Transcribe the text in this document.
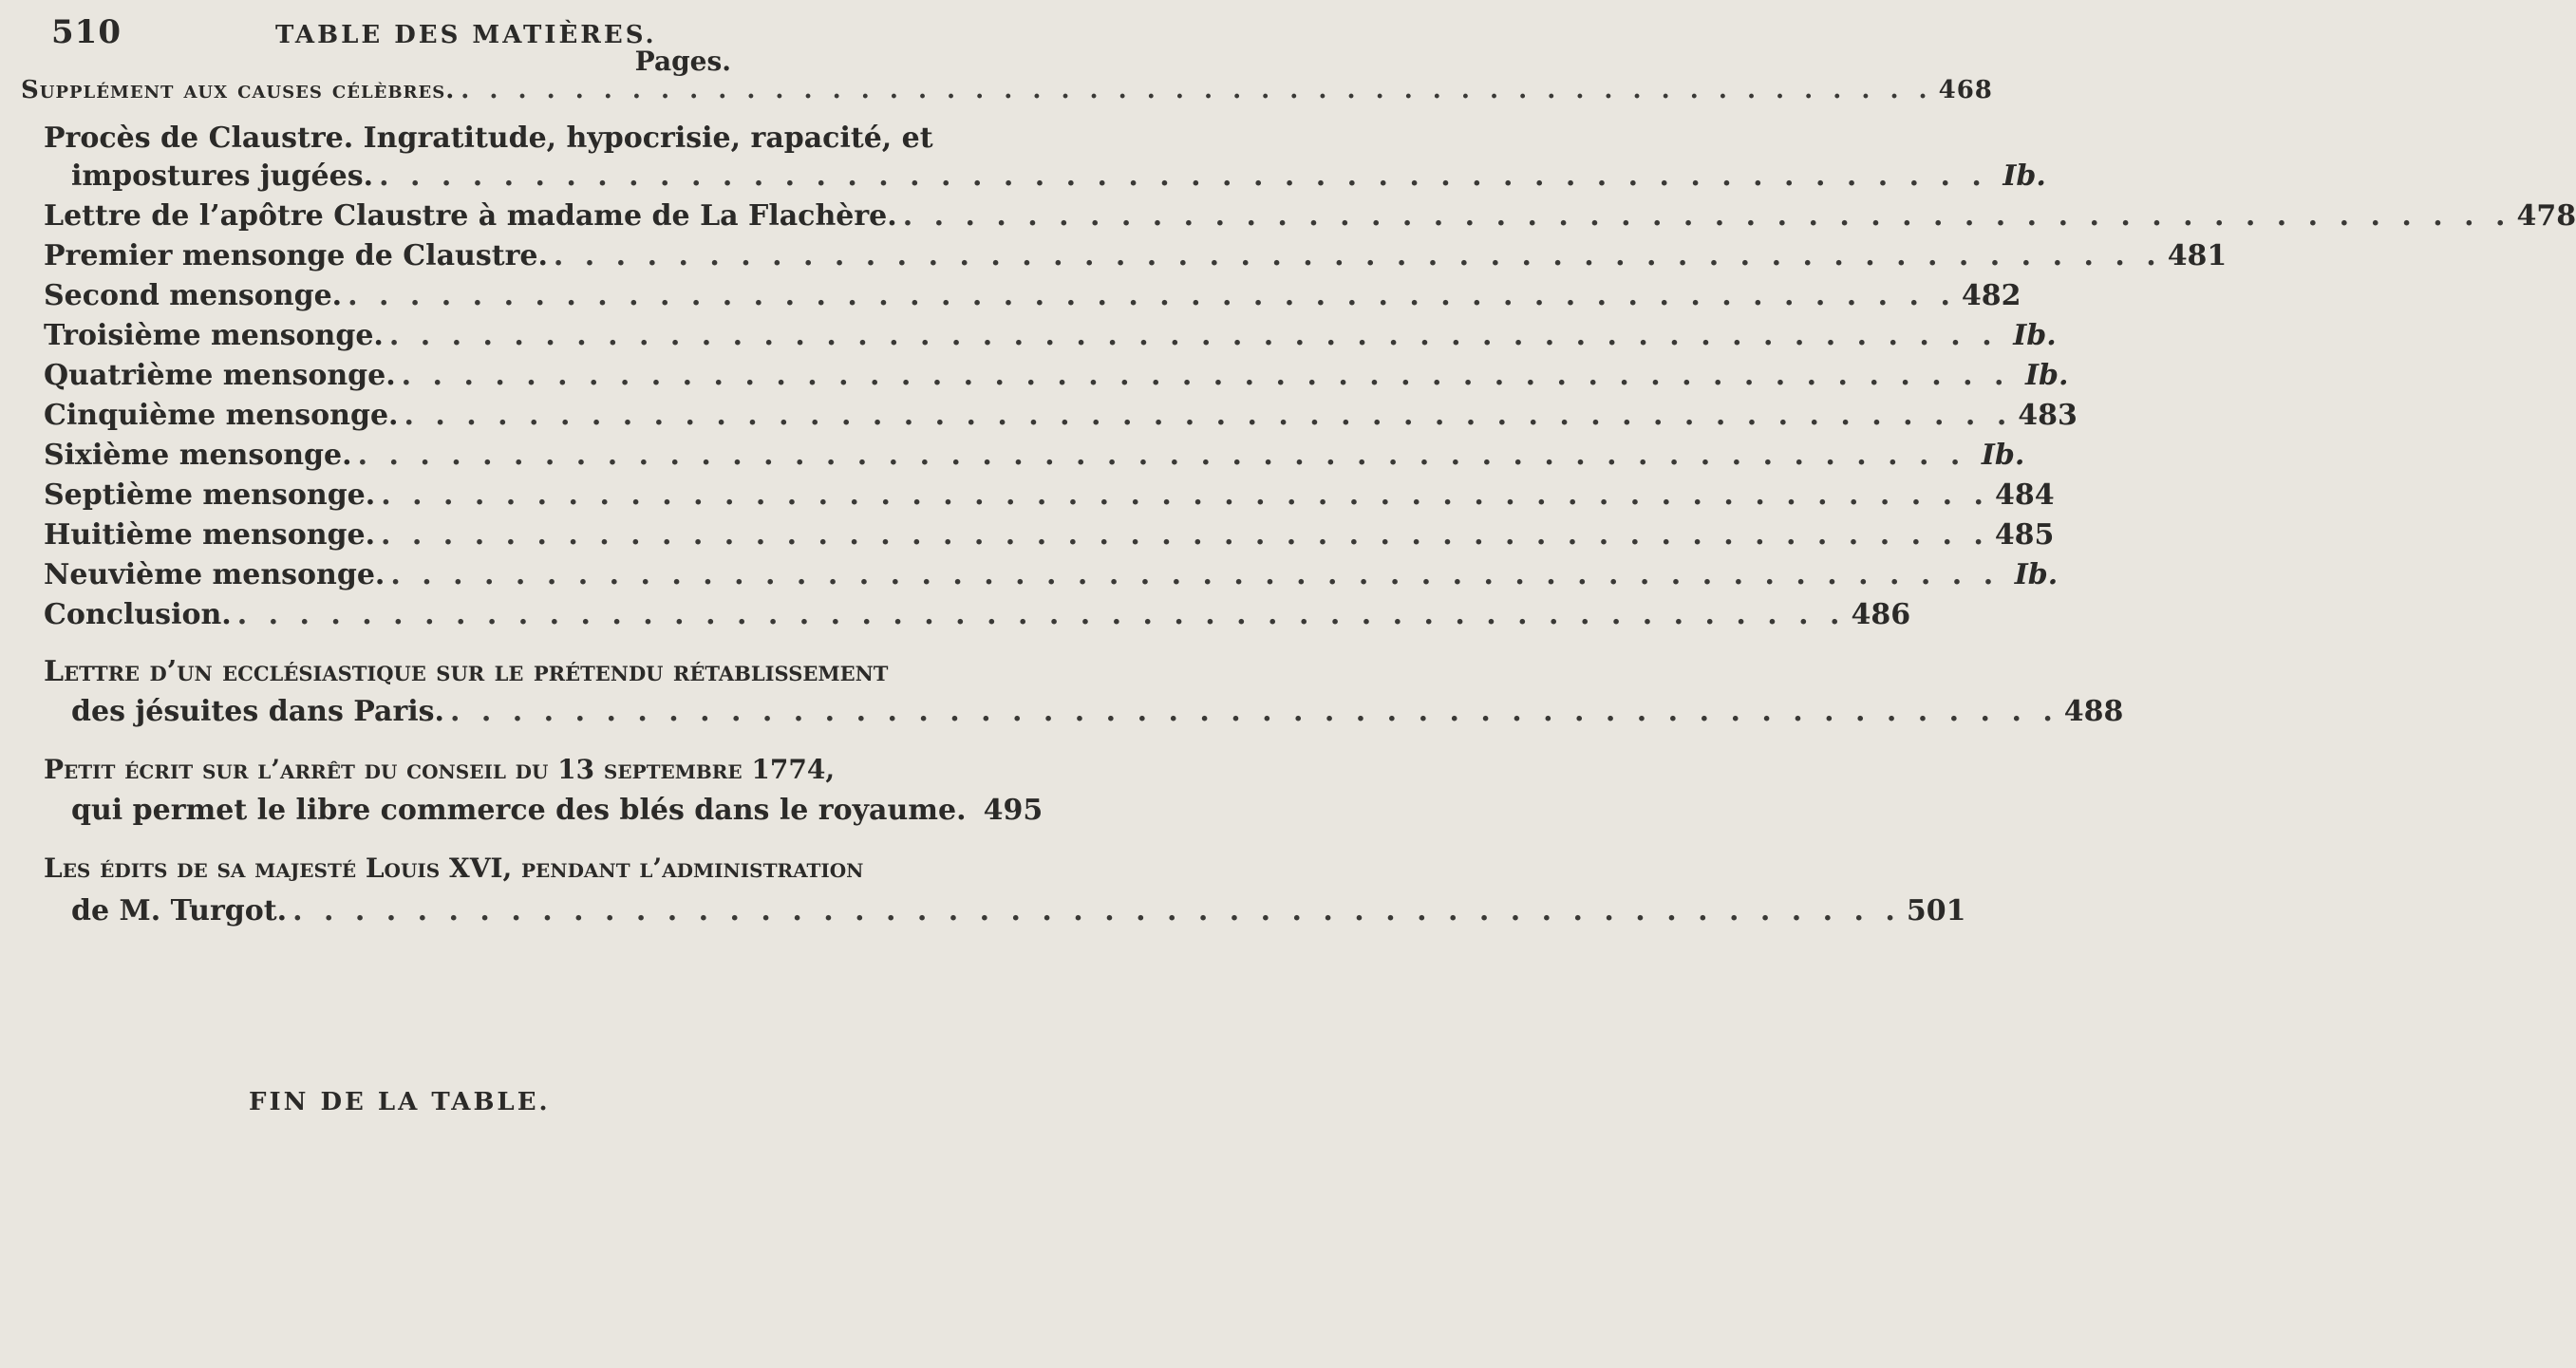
510	TABLE DES MATIÈRES.
Pages.
Supplément aux causes célèbres. . . .	468
Procès de Claustre. Ingratitude, hypocrisie, rapacité, et
impostures jugées. . . .	Ib.
Lettre de l’apôtre Claustre à madame de La Flachère. . . .	478
Premier mensonge de Claustre. . . .	481
Second mensonge. . . .	482
Troisième mensonge. . . .	Ib.
Quatrième mensonge. . . .	Ib.
Cinquième mensonge. . . .	483
Sixième mensonge. . . .	Ib.
Septième mensonge. . . .	484
Huitième mensonge. . . .	485
Neuvième mensonge. . . .	Ib.
Conclusion. . . .	486
Lettre d’un ecclésiastique sur le prétendu rétablissement
des jésuites dans Paris. . . .	488
Petit écrit sur l’arrêt du conseil du 13 septembre 1774,
qui permet le libre commerce des blés dans le royaume. 495
Les édits de sa majesté Louis XVI, pendant l’administration
de M. Turgot. . . .	501
FIN DE LA TABLE.
